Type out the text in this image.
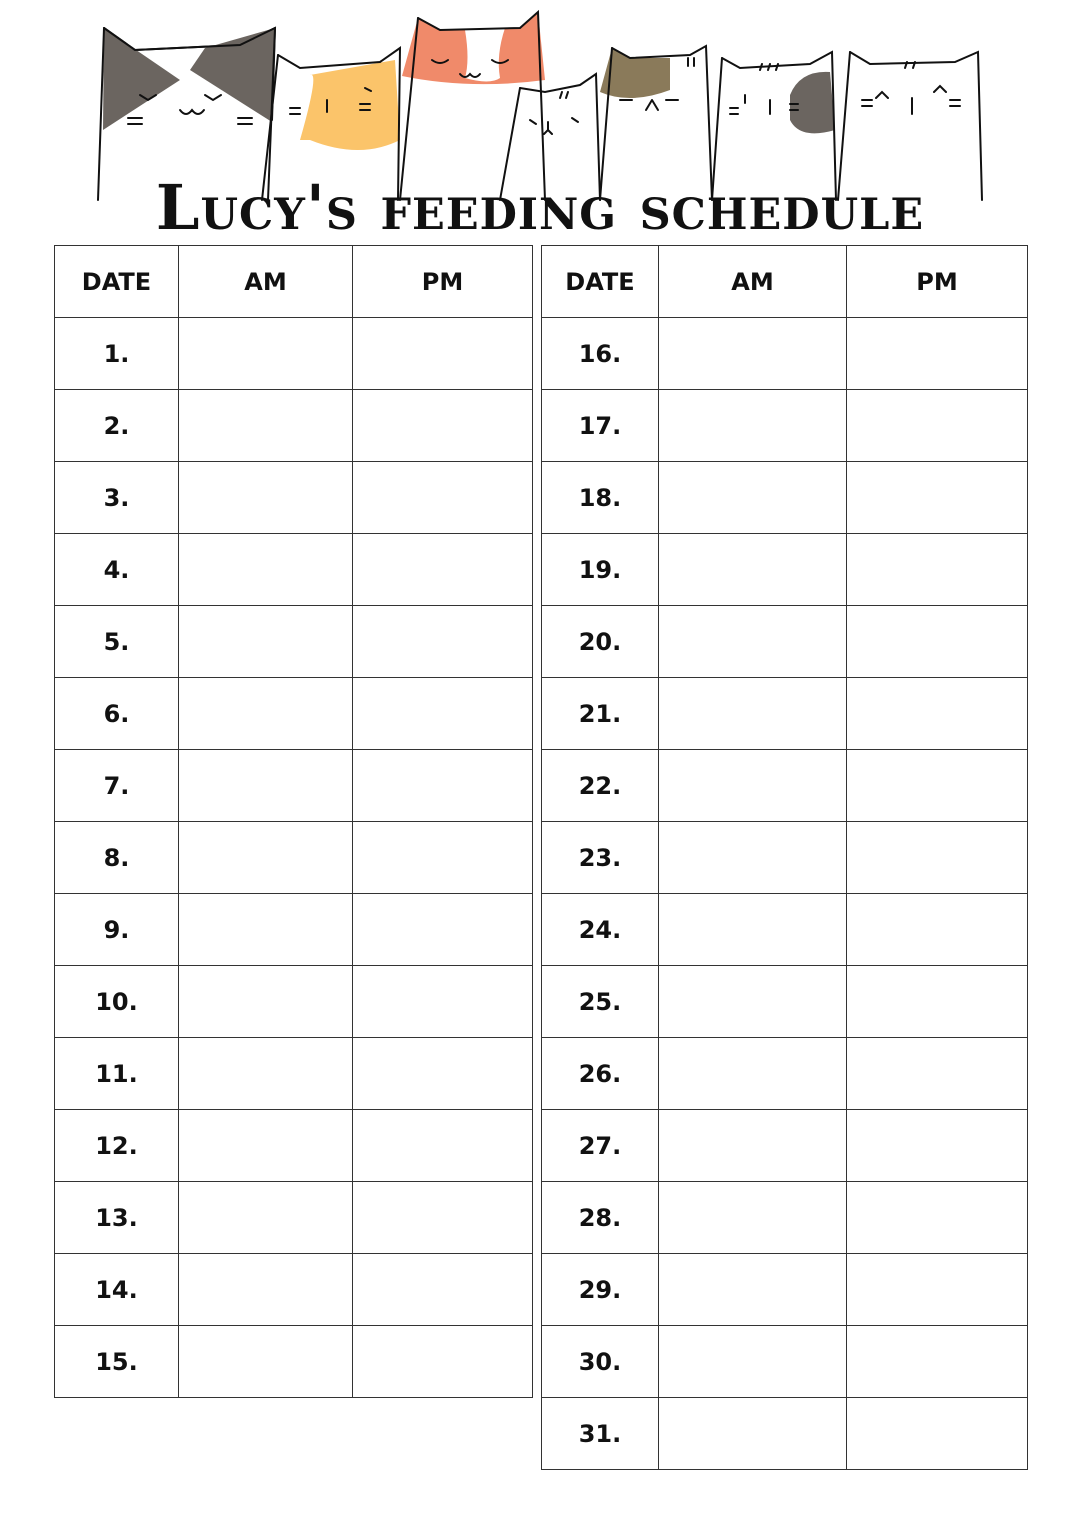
Lucy's feeding schedule
DATE	AM	PM
1.		
2.		
3.		
4.		
5.		
6.		
7.		
8.		
9.		
10.		
11.		
12.		
13.		
14.		
15.		
DATE	AM	PM
16.		
17.		
18.		
19.		
20.		
21.		
22.		
23.		
24.		
25.		
26.		
27.		
28.		
29.		
30.		
31.		
